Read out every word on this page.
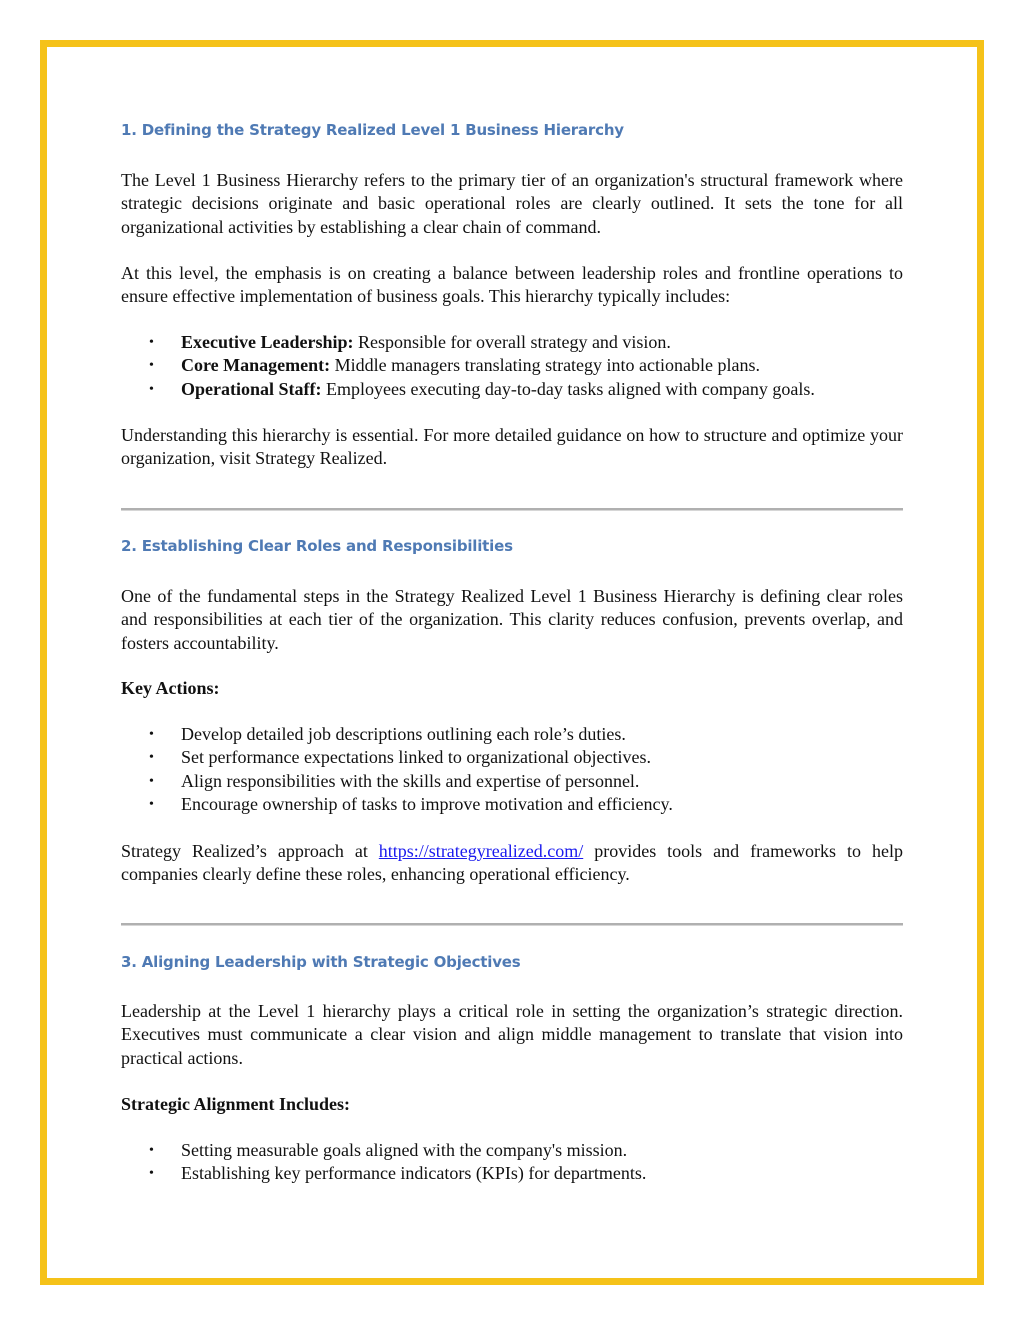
1. Defining the Strategy Realized Level 1 Business Hierarchy

The Level 1 Business Hierarchy refers to the primary tier of an organization's structural framework where strategic decisions originate and basic operational roles are clearly outlined. It sets the tone for all organizational activities by establishing a clear chain of command.

At this level, the emphasis is on creating a balance between leadership roles and frontline operations to ensure effective implementation of business goals. This hierarchy typically includes:

• Executive Leadership: Responsible for overall strategy and vision.
• Core Management: Middle managers translating strategy into actionable plans.
• Operational Staff: Employees executing day-to-day tasks aligned with company goals.

Understanding this hierarchy is essential. For more detailed guidance on how to structure and optimize your organization, visit Strategy Realized.

2. Establishing Clear Roles and Responsibilities

One of the fundamental steps in the Strategy Realized Level 1 Business Hierarchy is defining clear roles and responsibilities at each tier of the organization. This clarity reduces confusion, prevents overlap, and fosters accountability.

Key Actions:

• Develop detailed job descriptions outlining each role’s duties.
• Set performance expectations linked to organizational objectives.
• Align responsibilities with the skills and expertise of personnel.
• Encourage ownership of tasks to improve motivation and efficiency.

Strategy Realized’s approach at https://strategyrealized.com/ provides tools and frameworks to help companies clearly define these roles, enhancing operational efficiency.

3. Aligning Leadership with Strategic Objectives

Leadership at the Level 1 hierarchy plays a critical role in setting the organization’s strategic direction. Executives must communicate a clear vision and align middle management to translate that vision into practical actions.

Strategic Alignment Includes:

• Setting measurable goals aligned with the company's mission.
• Establishing key performance indicators (KPIs) for departments.
